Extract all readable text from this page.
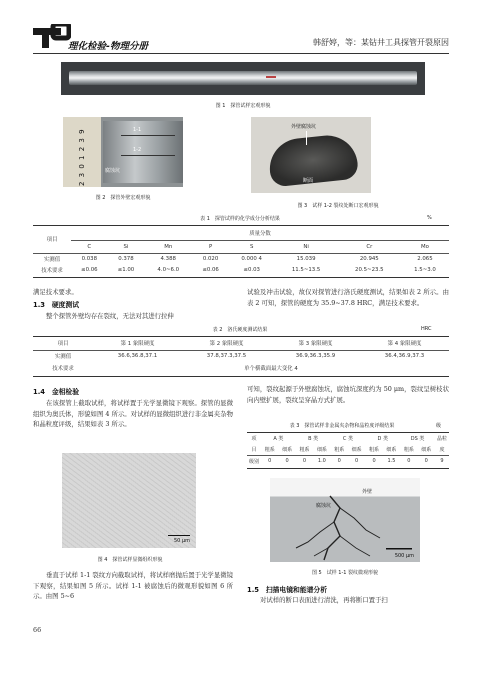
理化检验-物理分册	韩舒婷，等：某钻井工具探管开裂原因
图 1　探管试样宏观形貌
2 3 0 1 2 3 9	1-1
1-2
腐蚀坑
图 2　探管外壁宏观形貌
外壁腐蚀坑
断面
图 3　试样 1-2 裂纹处断口宏观形貌
表 1　探管试样的化学成分分析结果	%
项目	质量分数							
	C	Si	Mn	P	S	Ni	Cr	Mo
实测值	0.038	0.378	4.388	0.020	0.000 4	15.039	20.945	2.065
技术要求	≤0.06	≤1.00	4.0~6.0	≤0.06	≤0.03	11.5~13.5	20.5~23.5	1.5~3.0

满足技术要求。

1.3　硬度测试

整个探管外壁均存在裂纹，无法对其进行拉伸

试验及冲击试验，故仅对探管进行洛氏硬度测试，结果如表 2 所示。由表 2 可知，探管的硬度为 35.9~37.8 HRC，满足技术要求。

表 2　洛氏硬度测试结果	HRC
项目	第 1 象限硬度	第 2 象限硬度	第 3 象限硬度	第 4 象限硬度
实测值	36.6,36.8,37.1	37.8,37.3,37.5	36.9,36.3,35.9	36.4,36.9,37.3
技术要求	单个横截面最大变化 4			
1.4　金相检验

在该探管上截取试样，将试样置于光学显微镜下观察。探管的显微组织为奥氏体，形貌如图 4 所示。对试样的显微组织进行非金属夹杂物和晶粒度评级，结果如表 3 所示。

50 μm
图 4　探管试样显微组织形貌

垂直于试样 1-1 裂纹方向截取试样，将试样磨抛后置于光学显微镜下观察，结果如图 5 所示。试样 1-1 被腐蚀后的微观形貌如图 6 所示。由图 5~6

可知，裂纹起源于外壁腐蚀坑，腐蚀坑深度约为 50 μm，裂纹呈树枝状向内壁扩展，裂纹呈穿晶方式扩展。

表 3　探管试样非金属夹杂物和晶粒度评级结果	级
项	A 类		B 类		C 类		D 类		DS 类		晶粒
目	粗系	细系	粗系	细系	粗系	细系	粗系	细系	粗系	细系	度
级别	0	0	0	1.0	0	0	0	1.5	0	0	9
外壁
腐蚀坑
500 μm
图 5　试样 1-1 裂纹微观形貌
1.5　扫描电镜和能谱分析

对试样的断口表面进行清洗，再将断口置于扫

66
